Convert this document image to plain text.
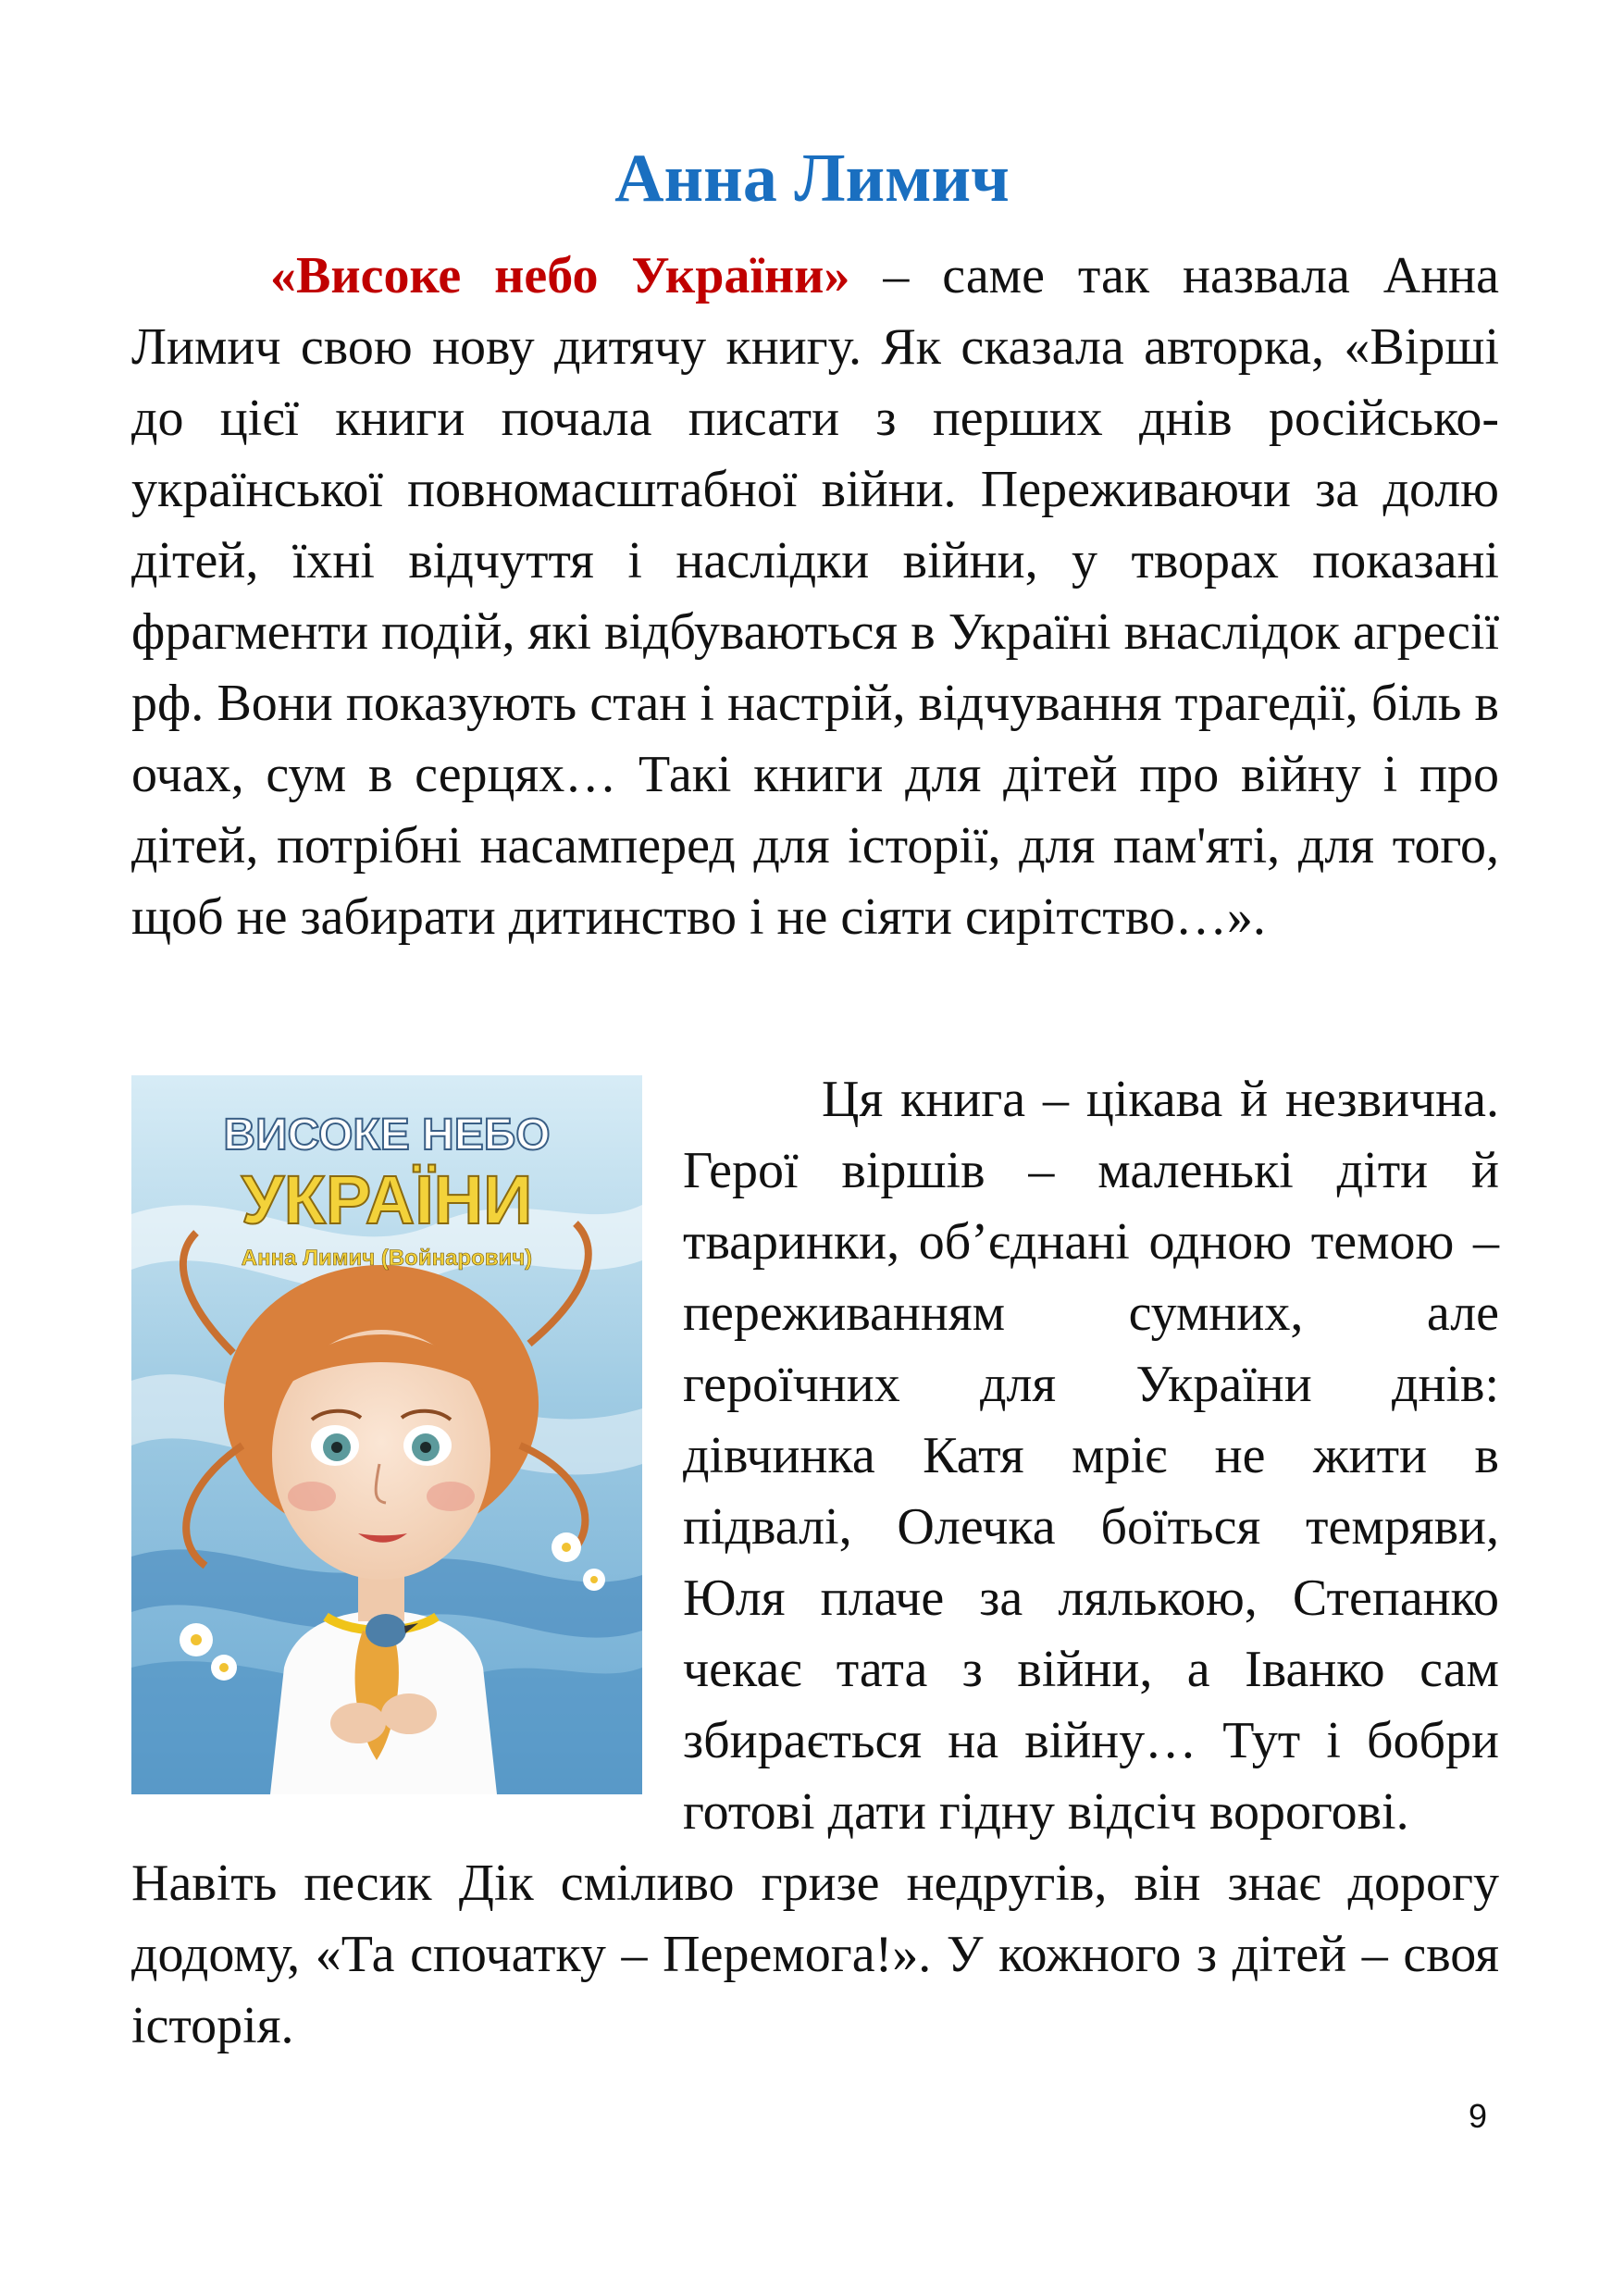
Анна Лимич
«Високе небо України» – саме так назвала Анна Лимич свою нову дитячу книгу. Як сказала авторка, «Вірші до цієї книги почала писати з перших днів російсько-української повномасштабної війни. Переживаючи за долю дітей, їхні відчуття і наслідки війни, у творах показані фрагменти подій, які відбуваються в Україні внаслідок агресії рф. Вони показують стан і настрій, відчування трагедії, біль в очах, сум в серцях… Такі книги для дітей про війну і про дітей, потрібні насамперед для історії, для пам'яті, для того, щоб не забирати дитинство і не сіяти сирітство…».
ВИСОКЕ НЕБО
УКРАЇНИ
Анна Лимич (Войнарович)
Ця книга – цікава й незвична. Герої віршів – маленькі діти й тваринки, об’єднані одною темою – переживанням сумних, але героїчних для України днів: дівчинка Катя мріє не жити в підвалі, Олечка боїться темряви, Юля плаче за лялькою, Степанко чекає тата з війни, а Іванко сам збирається на війну… Тут і бобри готові дати гідну відсіч ворогові.
Навіть песик Дік сміливо гризе недругів, він знає дорогу додому, «Та спочатку – Перемога!». У кожного з дітей – своя історія.
9
